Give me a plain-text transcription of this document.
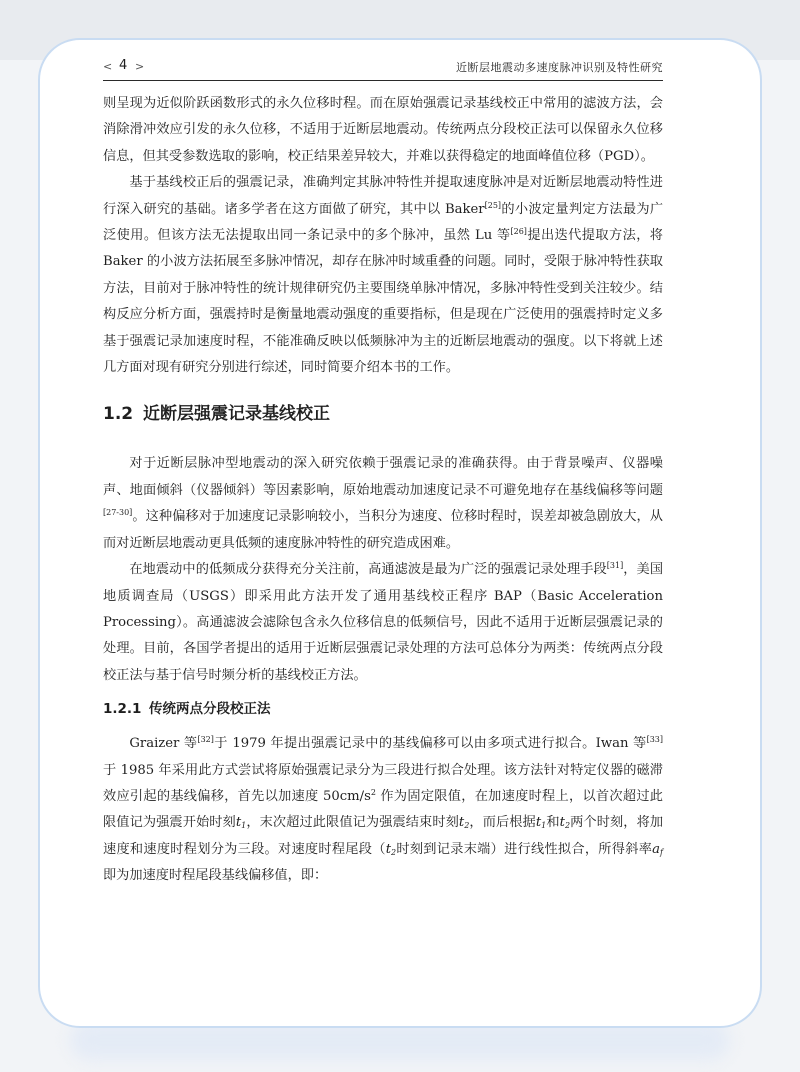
< 4 >	近断层地震动多速度脉冲识别及特性研究

则呈现为近似阶跃函数形式的永久位移时程。而在原始强震记录基线校正中常用的滤波方法，会消除滑冲效应引发的永久位移，不适用于近断层地震动。传统两点分段校正法可以保留永久位移信息，但其受参数选取的影响，校正结果差异较大，并难以获得稳定的地面峰值位移（PGD）。

基于基线校正后的强震记录，准确判定其脉冲特性并提取速度脉冲是对近断层地震动特性进行深入研究的基础。诸多学者在这方面做了研究，其中以 Baker[25]的小波定量判定方法最为广泛使用。但该方法无法提取出同一条记录中的多个脉冲，虽然 Lu 等[26]提出迭代提取方法，将 Baker 的小波方法拓展至多脉冲情况，却存在脉冲时域重叠的问题。同时，受限于脉冲特性获取方法，目前对于脉冲特性的统计规律研究仍主要围绕单脉冲情况，多脉冲特性受到关注较少。结构反应分析方面，强震持时是衡量地震动强度的重要指标，但是现在广泛使用的强震持时定义多基于强震记录加速度时程，不能准确反映以低频脉冲为主的近断层地震动的强度。以下将就上述几方面对现有研究分别进行综述，同时简要介绍本书的工作。

1.2 近断层强震记录基线校正

对于近断层脉冲型地震动的深入研究依赖于强震记录的准确获得。由于背景噪声、仪器噪声、地面倾斜（仪器倾斜）等因素影响，原始地震动加速度记录不可避免地存在基线偏移等问题[27-30]。这种偏移对于加速度记录影响较小，当积分为速度、位移时程时，误差却被急剧放大，从而对近断层地震动更具低频的速度脉冲特性的研究造成困难。

在地震动中的低频成分获得充分关注前，高通滤波是最为广泛的强震记录处理手段[31]，美国地质调查局（USGS）即采用此方法开发了通用基线校正程序 BAP（Basic Acceleration Processing）。高通滤波会滤除包含永久位移信息的低频信号，因此不适用于近断层强震记录的处理。目前，各国学者提出的适用于近断层强震记录处理的方法可总体分为两类：传统两点分段校正法与基于信号时频分析的基线校正方法。

1.2.1 传统两点分段校正法

Graizer 等[32]于 1979 年提出强震记录中的基线偏移可以由多项式进行拟合。Iwan 等[33]于 1985 年采用此方式尝试将原始强震记录分为三段进行拟合处理。该方法针对特定仪器的磁滞效应引起的基线偏移，首先以加速度 $50cm/s^2$ 作为固定限值，在加速度时程上，以首次超过此限值记为强震开始时刻$t_1$，末次超过此限值记为强震结束时刻$t_2$，而后根据$t_1$和$t_2$两个时刻，将加速度和速度时程划分为三段。对速度时程尾段（$t_2$时刻到记录末端）进行线性拟合，所得斜率$a_f$即为加速度时程尾段基线偏移值，即：
